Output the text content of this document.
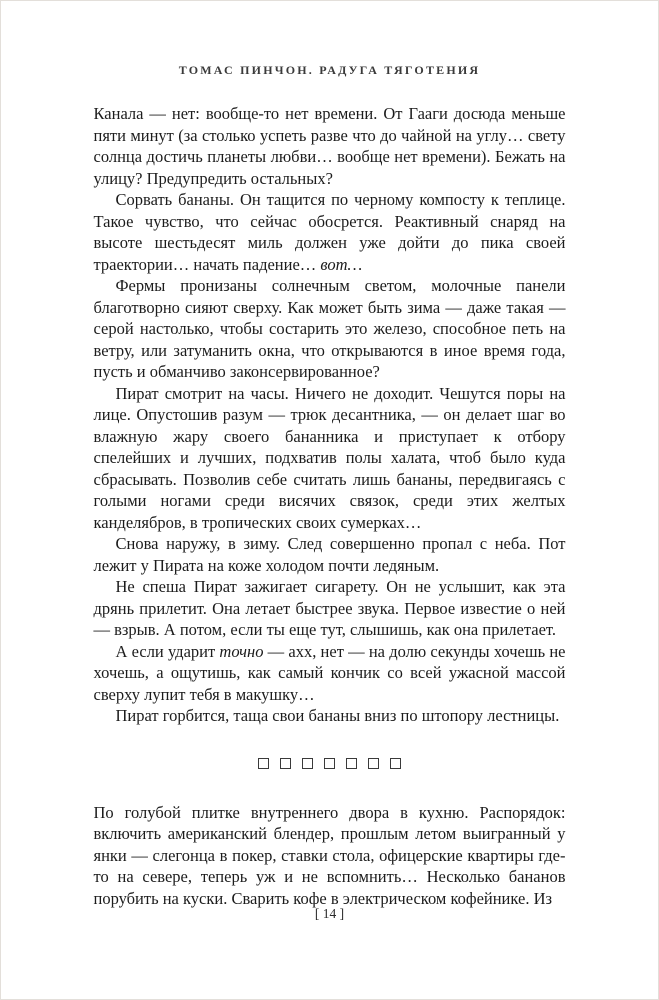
ТОМАС ПИНЧОН. РАДУГА ТЯГОТЕНИЯ

Канала — нет: вообще-то нет времени. От Гааги досюда меньше пяти минут (за столько успеть разве что до чайной на углу… свету солнца достичь планеты любви… вообще нет времени). Бежать на улицу? Предупредить остальных?

Сорвать бананы. Он тащится по черному компосту к теплице. Такое чувство, что сейчас обосрется. Реактивный снаряд на высоте шестьдесят миль должен уже дойти до пика своей траектории… начать падение… вот…

Фермы пронизаны солнечным светом, молочные панели благотворно сияют сверху. Как может быть зима — даже такая — серой настолько, чтобы состарить это железо, способное петь на ветру, или затуманить окна, что открываются в иное время года, пусть и обманчиво законсервированное?

Пират смотрит на часы. Ничего не доходит. Чешутся поры на лице. Опустошив разум — трюк десантника, — он делает шаг во влажную жару своего бананника и приступает к отбору спелейших и лучших, подхватив полы халата, чтоб было куда сбрасывать. Позволив себе считать лишь бананы, передвигаясь с голыми ногами среди висячих связок, среди этих желтых канделябров, в тропических своих сумерках…

Снова наружу, в зиму. След совершенно пропал с неба. Пот лежит у Пирата на коже холодом почти ледяным.

Не спеша Пират зажигает сигарету. Он не услышит, как эта дрянь прилетит. Она летает быстрее звука. Первое известие о ней — взрыв. А потом, если ты еще тут, слышишь, как она прилетает.

А если ударит точно — ахх, нет — на долю секунды хочешь не хочешь, а ощутишь, как самый кончик со всей ужасной массой сверху лупит тебя в макушку…

Пират горбится, таща свои бананы вниз по штопору лестницы.

По голубой плитке внутреннего двора в кухню. Распорядок: включить американский блендер, прошлым летом выигранный у янки — слегонца в покер, ставки стола, офицерские квартиры где-то на севере, теперь уж и не вспомнить… Несколько бананов порубить на куски. Сварить кофе в электрическом кофейнике. Из

[ 14 ]
